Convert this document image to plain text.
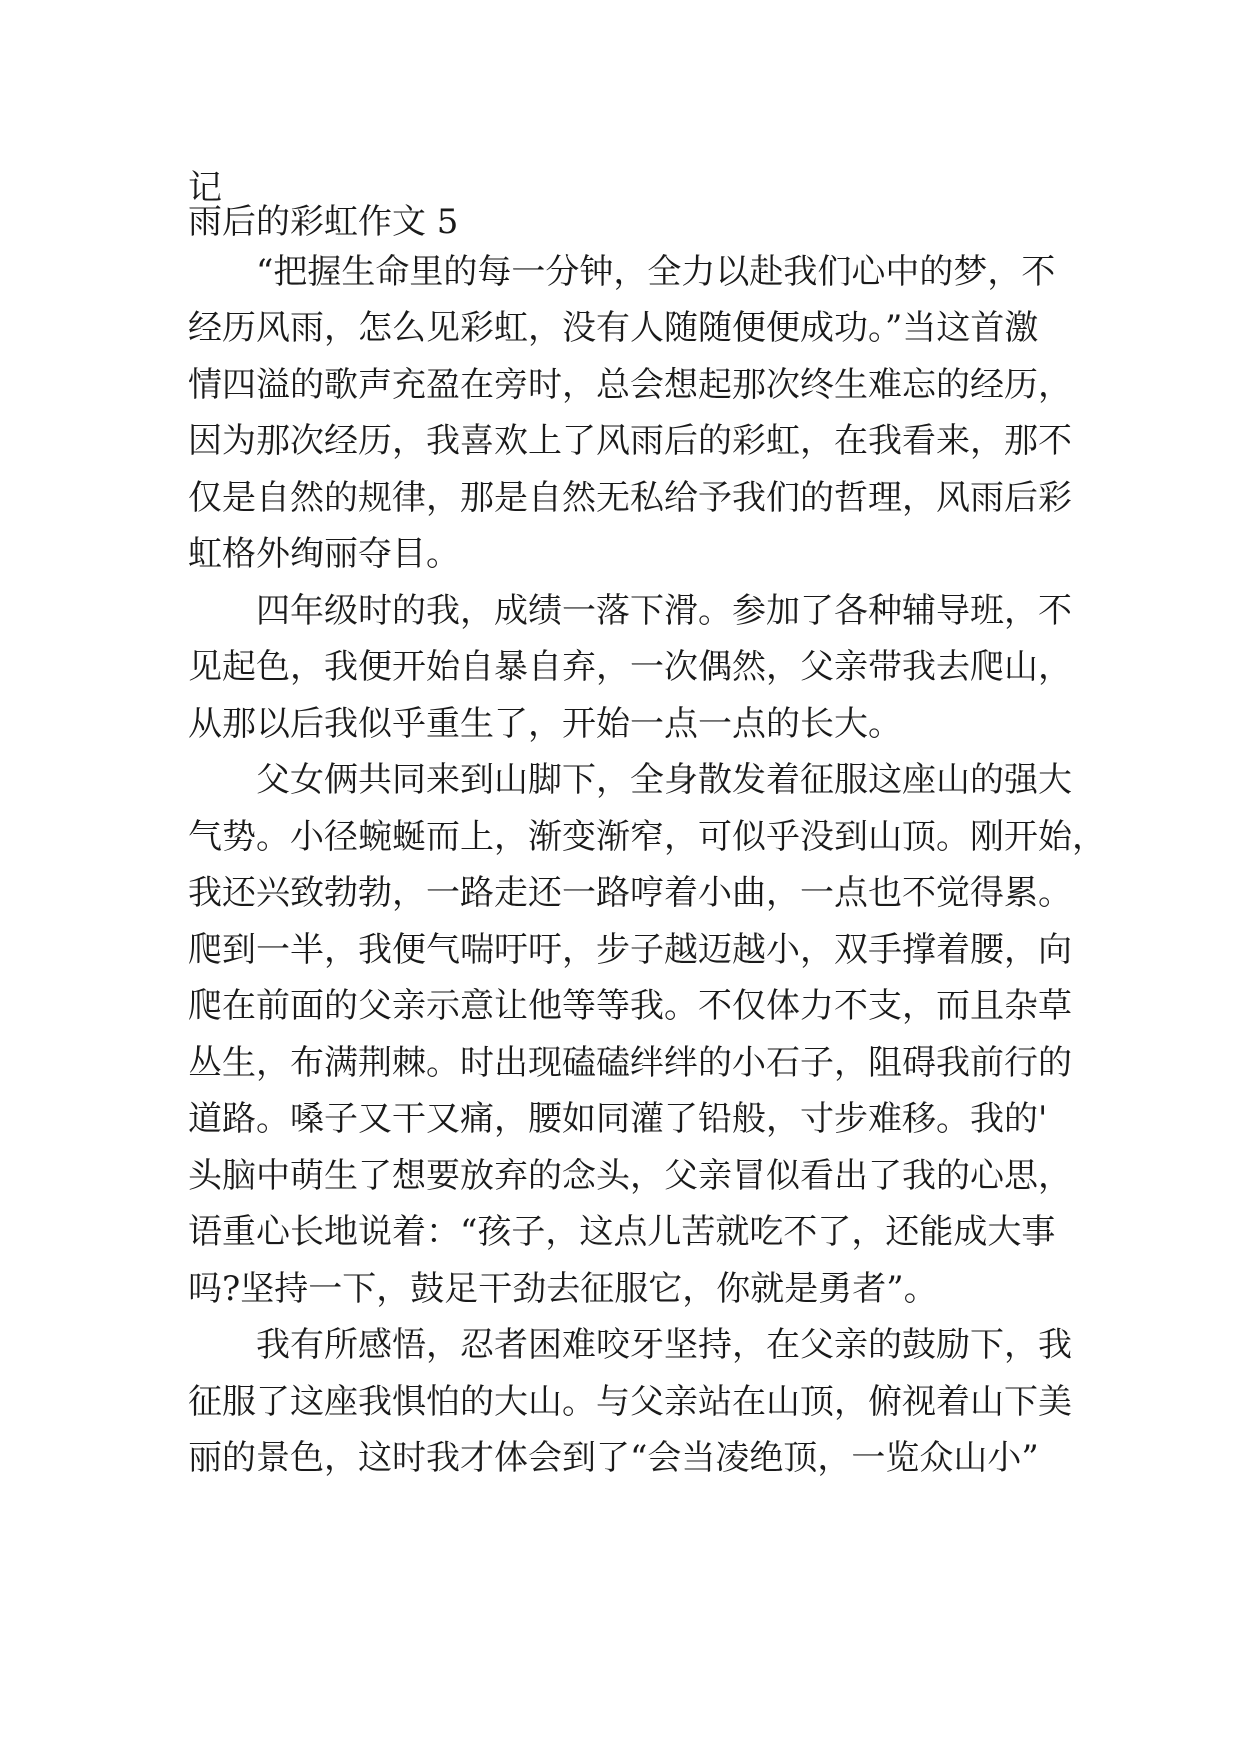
记

雨后的彩虹作文 5

“把握生命里的每一分钟，全力以赴我们心中的梦，不

经历风雨，怎么见彩虹，没有人随随便便成功。”当这首激

情四溢的歌声充盈在旁时，总会想起那次终生难忘的经历，

因为那次经历，我喜欢上了风雨后的彩虹，在我看来，那不

仅是自然的规律，那是自然无私给予我们的哲理，风雨后彩

虹格外绚丽夺目。

四年级时的我，成绩一落下滑。参加了各种辅导班，不

见起色，我便开始自暴自弃，一次偶然，父亲带我去爬山，

从那以后我似乎重生了，开始一点一点的长大。

父女俩共同来到山脚下，全身散发着征服这座山的强大

气势。小径蜿蜒而上，渐变渐窄，可似乎没到山顶。刚开始，

我还兴致勃勃，一路走还一路哼着小曲，一点也不觉得累。

爬到一半，我便气喘吁吁，步子越迈越小，双手撑着腰，向

爬在前面的父亲示意让他等等我。不仅体力不支，而且杂草

丛生，布满荆棘。时出现磕磕绊绊的小石子，阻碍我前行的

道路。嗓子又干又痛，腰如同灌了铅般，寸步难移。我的'

头脑中萌生了想要放弃的念头，父亲冒似看出了我的心思，

语重心长地说着：“孩子，这点儿苦就吃不了，还能成大事

吗?坚持一下，鼓足干劲去征服它，你就是勇者”。

我有所感悟，忍者困难咬牙坚持，在父亲的鼓励下，我

征服了这座我惧怕的大山。与父亲站在山顶，俯视着山下美

丽的景色，这时我才体会到了“会当凌绝顶，一览众山小”
